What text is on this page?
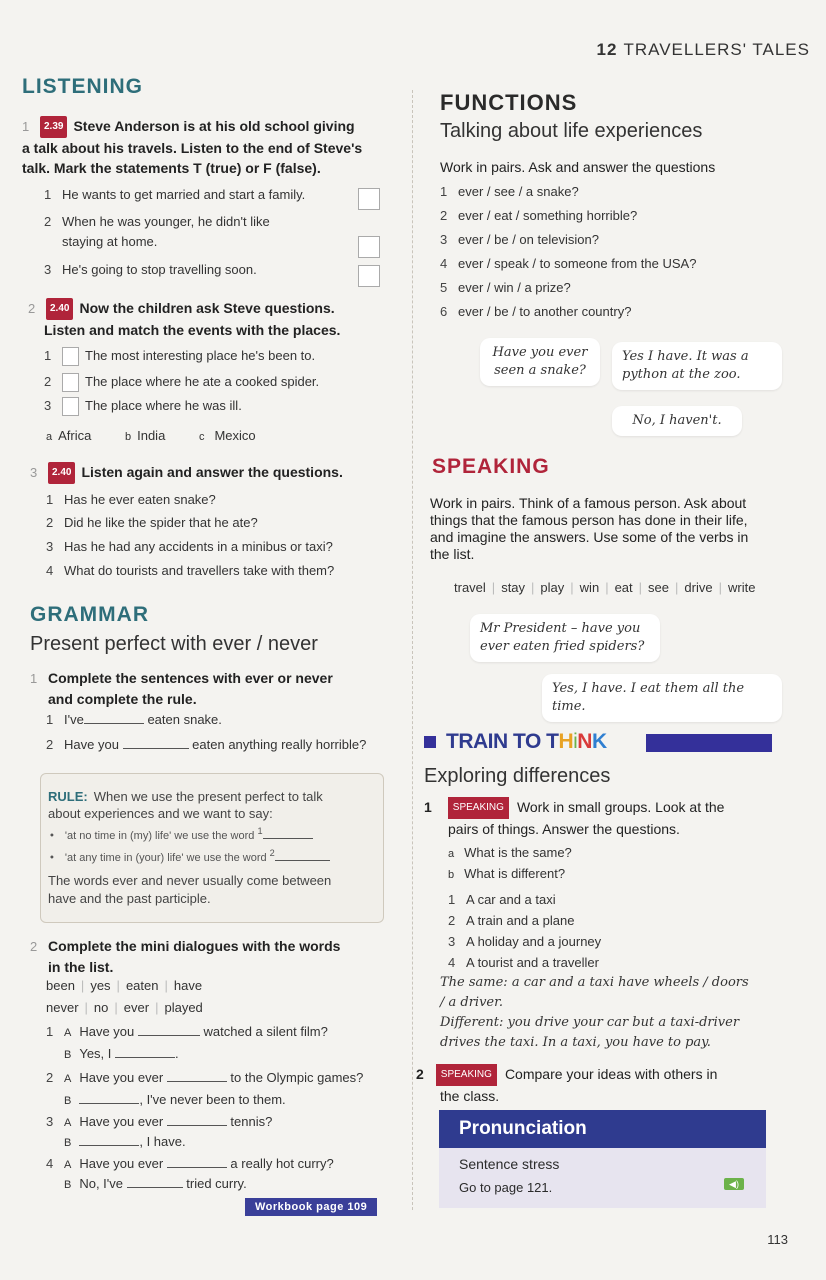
12 TRAVELLERS' TALES
LISTENING
1 2.39 Steve Anderson is at his old school giving
a talk about his travels. Listen to the end of Steve's
talk. Mark the statements T (true) or F (false).
1 He wants to get married and start a family.
2 When he was younger, he didn't like
staying at home.
3 He's going to stop travelling soon.
2 2.40 Now the children ask Steve questions.
Listen and match the events with the places.
1	The most interesting place he's been to.
2	The place where he ate a cooked spider.
3	The place where he was ill.
a Africa	b India	c Mexico
3 2.40 Listen again and answer the questions.
1 Has he ever eaten snake?
2 Did he like the spider that he ate?
3 Has he had any accidents in a minibus or taxi?
4 What do tourists and travellers take with them?
GRAMMAR
Present perfect with ever / never
1 Complete the sentences with ever or never
and complete the rule.
1 I've	eaten snake.
2 Have you	eaten anything really horrible?
RULE: When we use the present perfect to talk
about experiences and we want to say:
• 'at no time in (my) life' we use the word $^1$
• 'at any time in (your) life' we use the word $^2$
The words ever and never usually come between
have and the past participle.
2 Complete the mini dialogues with the words
in the list.
been | yes | eaten | have
never | no | ever | played
1 A Have you	watched a silent film?
B Yes, I	.
2 A Have you ever	to the Olympic games?
B	, I've never been to them.
3 A Have you ever	tennis?
B	, I have.
4 A Have you ever	a really hot curry?
B No, I've	tried curry.
Workbook page 109
FUNCTIONS
Talking about life experiences
Work in pairs. Ask and answer the questions
1 ever / see / a snake?
2 ever / eat / something horrible?
3 ever / be / on television?
4 ever / speak / to someone from the USA?
5 ever / win / a prize?
6 ever / be / to another country?
Have you ever
seen a snake?
Yes I have. It was a
python at the zoo.
No, I haven't.
SPEAKING
Work in pairs. Think of a famous person. Ask about
things that the famous person has done in their life,
and imagine the answers. Use some of the verbs in
the list.
travel | stay | play | win | eat | see | drive | write
Mr President – have you
ever eaten fried spiders?
Yes, I have. I eat them all the time.
TRAIN TO THiNK
Exploring differences
1 SPEAKING Work in small groups. Look at the
pairs of things. Answer the questions.
a What is the same?
b What is different?
1 A car and a taxi
2 A train and a plane
3 A holiday and a journey
4 A tourist and a traveller
The same: a car and a taxi have wheels / doors
/ a driver.
Different: you drive your car but a taxi-driver
drives the taxi. In a taxi, you have to pay.
2 SPEAKING Compare your ideas with others in
the class.
Pronunciation
Sentence stress
Go to page 121.	◀)
113
